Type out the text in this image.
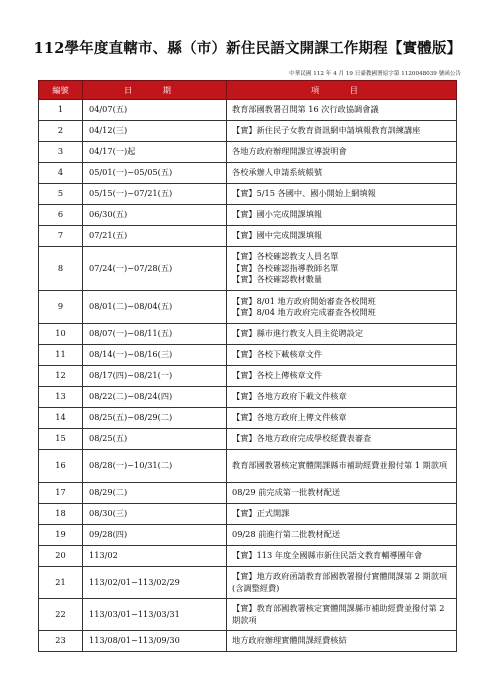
112學年度直轄市、縣（市）新住民語文開課工作期程【實體版】
中華民國 112 年 4 月 19 日臺教國署原字第 1120048039 號函公告
編號	日 期	項 目
1	04/07(五)	教育部國教署召開第 16 次行政協調會議

2	04/12(三)	【實】新住民子女教育資訊網申請填報教育訓練講座

3	04/17(一)起	各地方政府辦理開課宣導說明會

4	05/01(一)~05/05(五)	各校承辦人申請系統帳號

5	05/15(一)~07/21(五)	【實】5/15 各國中、國小開始上網填報

6	06/30(五)	【實】國小完成開課填報

7	07/21(五)	【實】國中完成開課填報

8	07/24(一)~07/28(五)	【實】各校確認教支人員名單
【實】各校確認指導教師名單
【實】各校確認教材數量

9	08/01(二)~08/04(五)	【實】8/01 地方政府開始審查各校開班
【實】8/04 地方政府完成審查各校開班

10	08/07(一)~08/11(五)	【實】縣市進行教支人員主從聘設定

11	08/14(一)~08/16(三)	【實】各校下載核章文件

12	08/17(四)~08/21(一)	【實】各校上傳核章文件

13	08/22(二)~08/24(四)	【實】各地方政府下載文件核章

14	08/25(五)~08/29(二)	【實】各地方政府上傳文件核章

15	08/25(五)	【實】各地方政府完成學校經費表審查

16	08/28(一)~10/31(二)	教育部國教署核定實體開課縣市補助經費並撥付第 1 期款項

17	08/29(二)	08/29 前完成第一批教材配送

18	08/30(三)	【實】正式開課

19	09/28(四)	09/28 前進行第二批教材配送

20	113/02	【實】113 年度全國縣市新住民語文教育輔導團年會

21	113/02/01~113/02/29	【實】地方政府函請教育部國教署撥付實體開課第 2 期款項(含調整經費)

22	113/03/01~113/03/31	【實】教育部國教署核定實體開課縣市補助經費並撥付第 2 期款項

23	113/08/01~113/09/30	地方政府辦理實體開課經費核結
